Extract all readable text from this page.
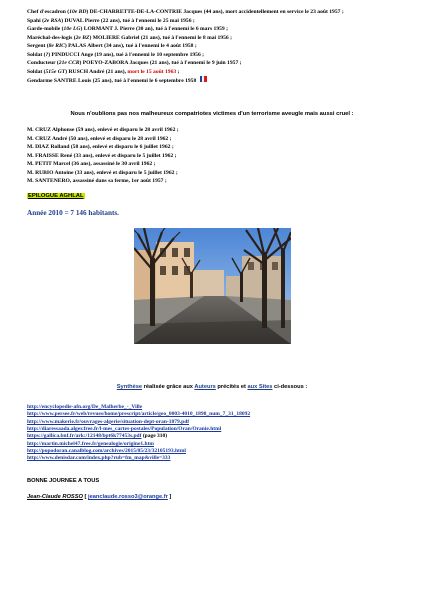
Chef d'escadron (10e BD) DE-CHARRETTE-DE-LA-CONTRIE Jacques (44 ans), mort accidentellement en service le 23 août 1957 ;
Spahi (2e RSA) DUVAL Pierre (22 ans), tué à l'ennemi le 25 mai 1956 ;
Garde-mobile (10e LG) LORMANT J. Pierre (30 an), tué à l'ennemi le 6 mars 1959 ;
Maréchal-des-logis (2e BZ) MOLIERE Gabriel (21 ans), tué à l'ennemi le 8 mai 1956 ;
Sergent (8e RIC) PALAS Albert (34 ans), tué à l'ennemi le 4 août 1958 ;
Soldat (?) PINDUCCI Ange (19 ans), tué à l'ennemi le 10 septembre 1956 ;
Conducteur (21e CCR) POEYO-ZABORA Jacques (21 ans), tué à l'ennemi le 9 juin 1957 ;
Soldat (515e GT) RUSCH André (21 ans), mort le 15 août 1963 ;
Gendarme SANTRE Louis (25 ans), tué à l'ennemi le 6 septembre 1958
Nous n'oublions pas nos malheureux compatriotes victimes d'un terrorisme aveugle mais aussi cruel :
M. CRUZ Alphonse (59 ans), enlevé et disparu le 28 avril 1962 ;
M. CRUZ André (50 ans), enlevé et disparu le 28 avril 1962 ;
M. DIAZ Rolland (58 ans), enlevé et disparu le 6 juillet 1962 ;
M. FRAISSE René (33 ans), enlevé et disparu le 5 juillet 1962 ;
M. PETIT Marcel (36 ans), assassiné le 30 avril 1962 ;
M. RUBIO Antoine (33 ans), enlevé et disparu le 5 juillet 1962 ;
M. SANTENERO, assassiné dans sa ferme, 1er août 1957 ;
EPILOGUE AGHLAL
Année 2010 = 7 146 habitants.
Synthèse réalisée grâce aux Auteurs précités et aux Sites ci-dessous :
http://encyclopedie-afn.org/De_Malherbe_-_Ville
http://www.persee.fr/web/revues/home/prescript/article/geo_0003-4010_1898_num_7_31_18092
http://www.makerie.fr/ouvrages-algerie/situation-dept-oran-1879.pdf
http://diaressaada.alger.free.fr/l-mes_cartes-postales/Population/Oran/Oranie.html
https://gallica.bnf.fr/ark:/12148/bpt6k77453s.pdf (page 310)
http://martin.michel47.free.fr/genealogie/origine1.htm
http://popodoran.canalblog.com/archives/2015/05/23/32105193.html
http://www.denisdar.com/index.php?rub=fm_map&ville=333
BONNE JOURNEE A TOUS
Jean-Claude ROSSO [ jeanclaude.rosso3@orange.fr ]
